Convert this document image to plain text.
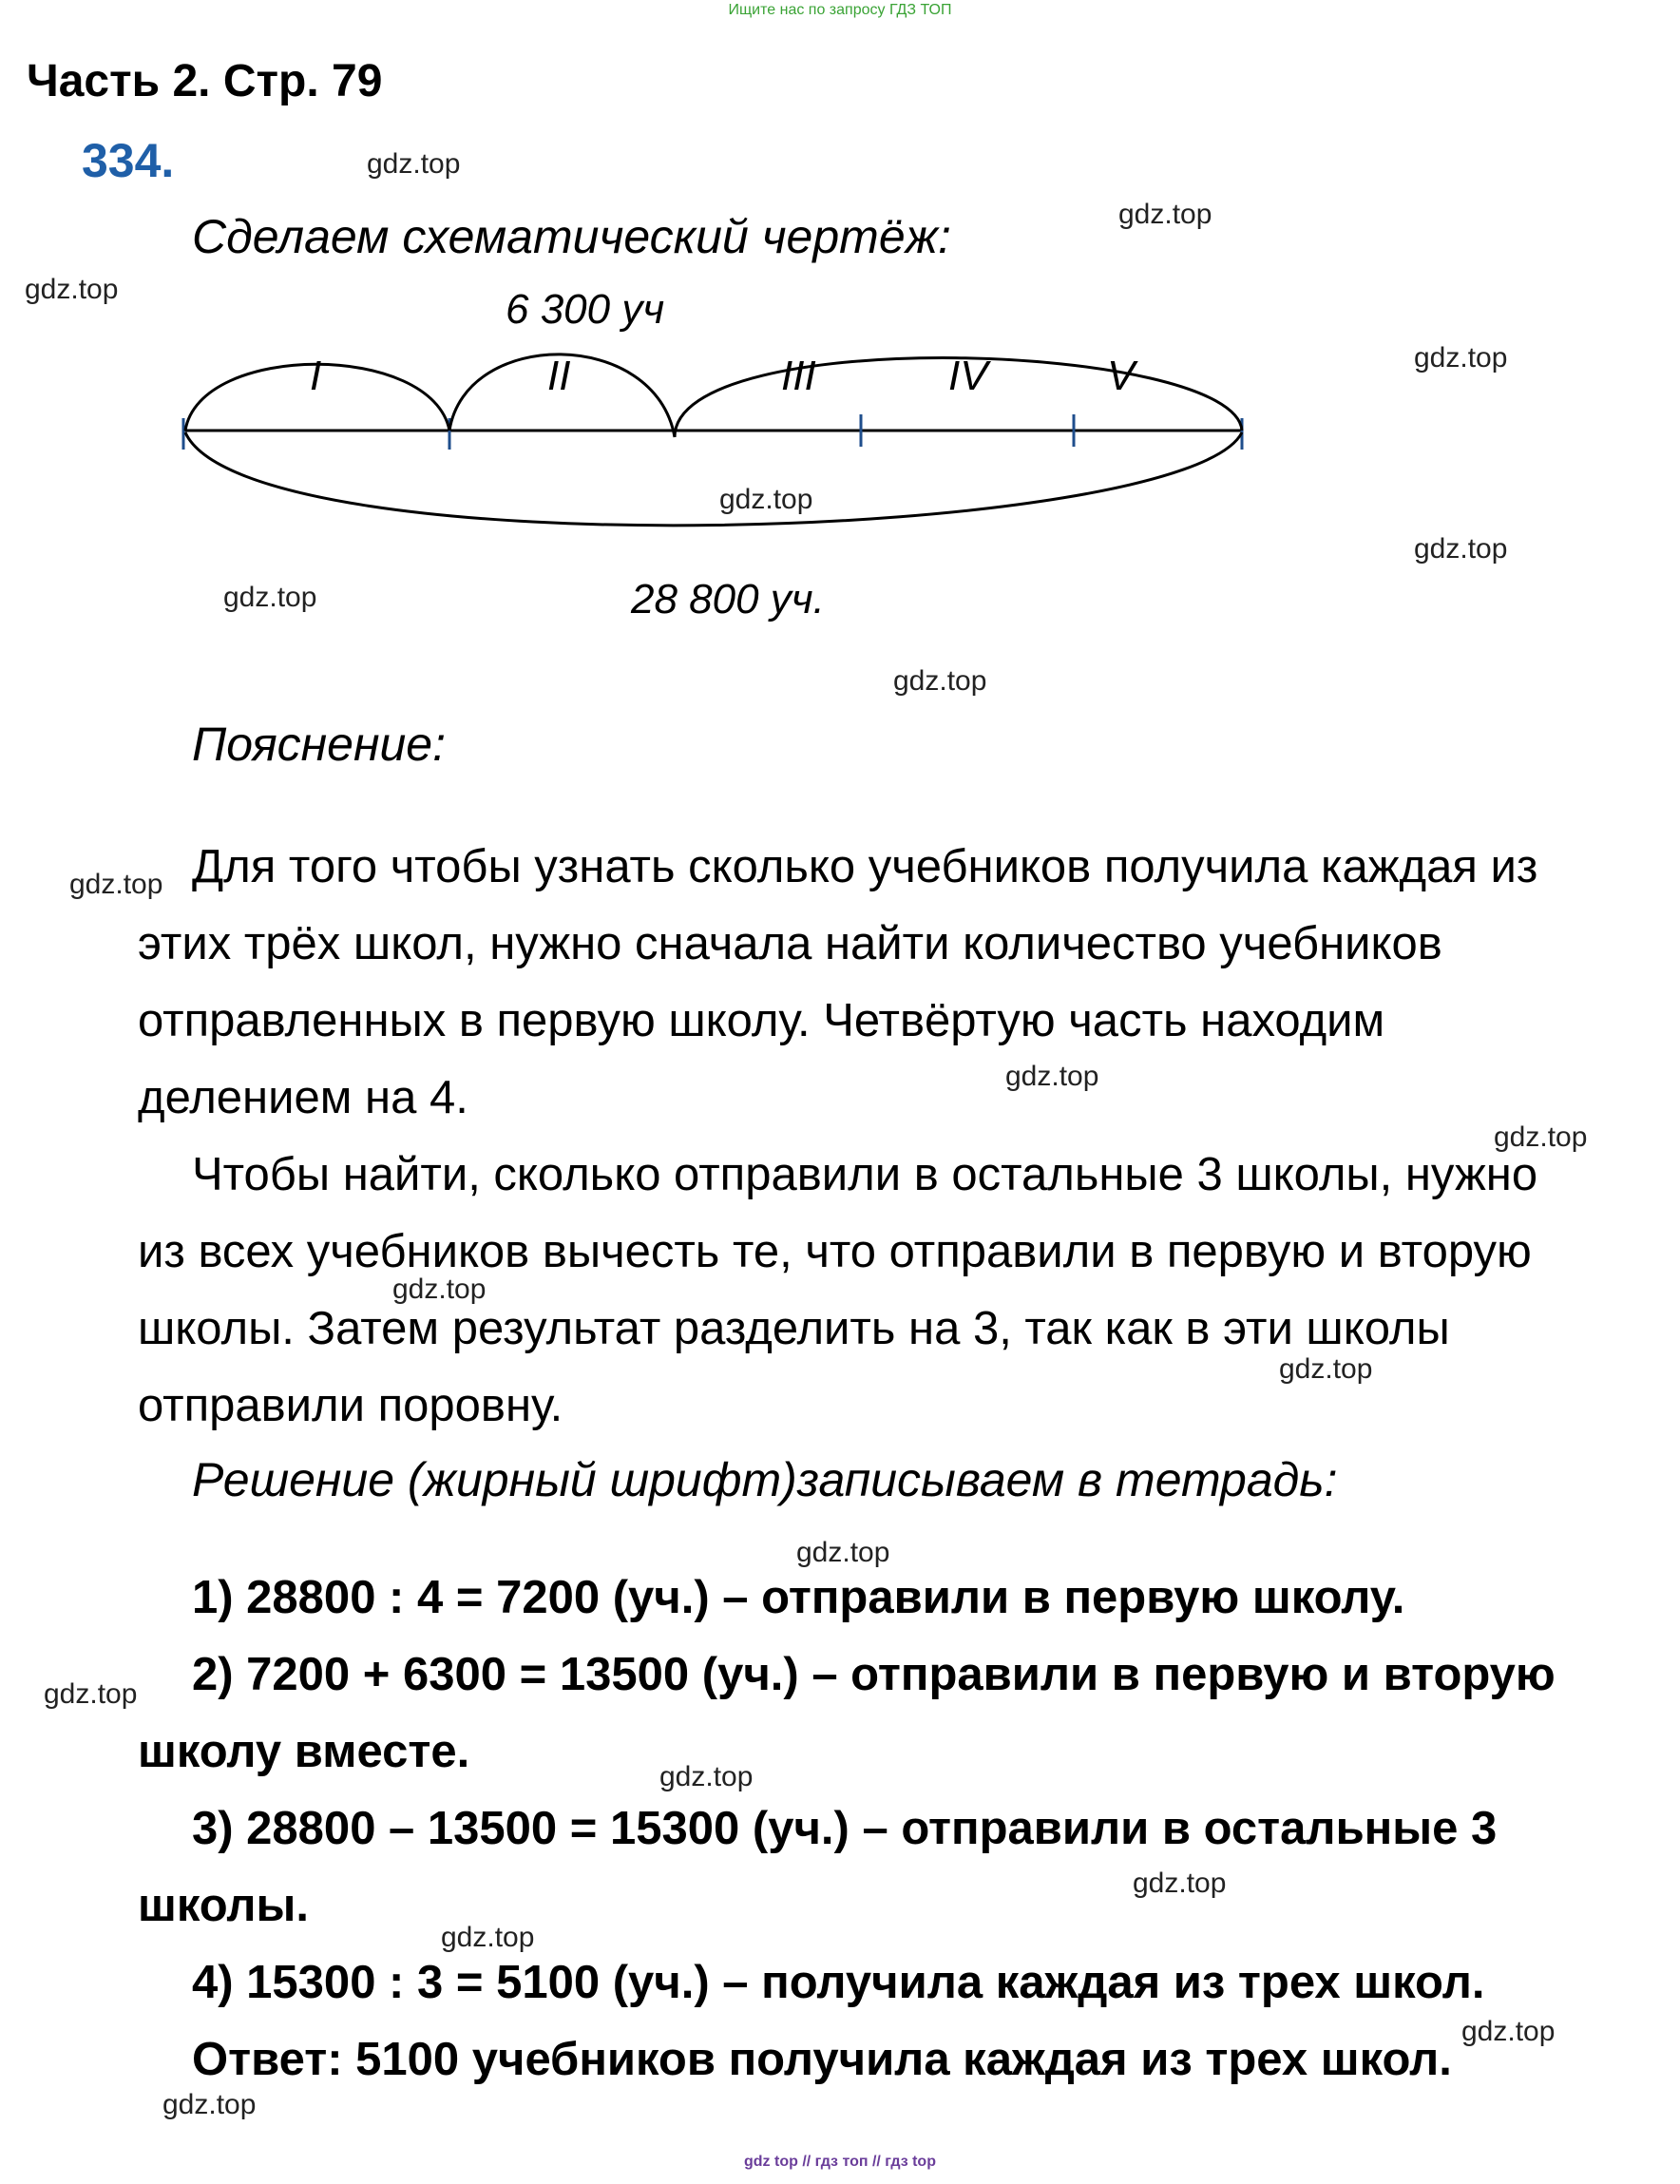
Ищите нас по запросу ГДЗ ТОП
Часть 2. Стр. 79
334.
Сделаем схематический чертёж:
6 300 уч
I	II	III	IV	V
28 800 уч.
Пояснение:
Для того чтобы узнать сколько учебников получила каждая из
этих трёх школ, нужно сначала найти количество учебников
отправленных в первую школу. Четвёртую часть находим
делением на 4.
Чтобы найти, сколько отправили в остальные 3 школы, нужно
из всех учебников вычесть те, что отправили в первую и вторую
школы. Затем результат разделить на 3, так как в эти школы
отправили поровну.
Решение (жирный шрифт)записываем в тетрадь:
1) 28800 : 4 = 7200 (уч.) – отправили в первую школу.
2) 7200 + 6300 = 13500 (уч.) – отправили в первую и вторую
школу вместе.
3) 28800 – 13500 = 15300 (уч.) – отправили в остальные 3
школы.
4) 15300 : 3 = 5100 (уч.) – получила каждая из трех школ.
Ответ: 5100 учебников получила каждая из трех школ.
gdz.top
gdz.top
gdz.top
gdz.top
gdz.top
gdz.top
gdz.top
gdz.top
gdz.top
gdz.top
gdz.top
gdz.top
gdz.top
gdz.top
gdz.top
gdz.top
gdz.top
gdz.top
gdz.top
gdz.top
gdz top // гдз топ // гдз top
